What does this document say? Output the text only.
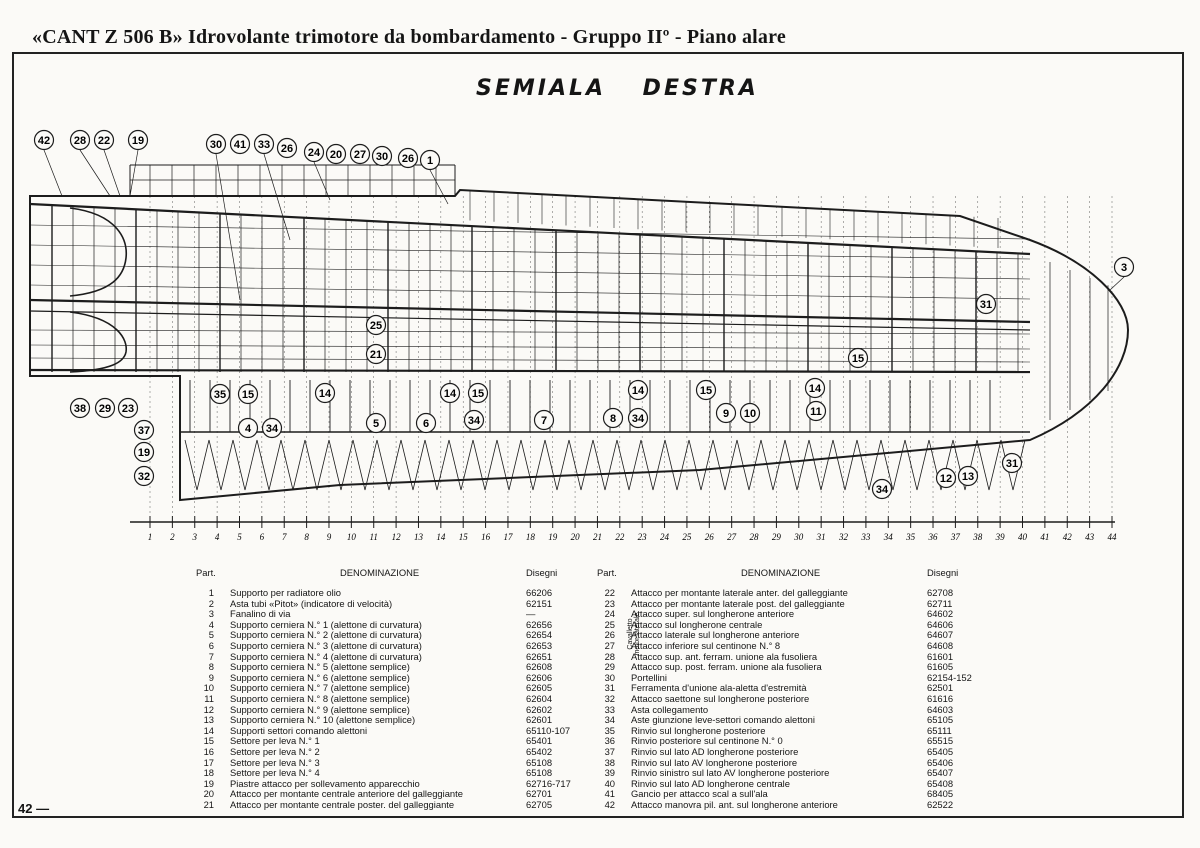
«CANT Z 506 B» Idrovolante trimotore da bombardamento - Gruppo IIº - Piano alare
SEMIALA DESTRA
1 2 3 4 5 6 7 8 9 10 11 12 13 14 15 16 17 18 19 20 21 22 23 24 25 26 27 28 29 30 31 32 33 34 35 36 37 38 39 40 41 42 43 44
42 28 22 19	30 41 33 26 24 20 27 30 26 1
3
31
25
21
14
38 29 23
37
19
32
35 15	14 15	14	15	14
15
4 34	5	6	34	7	8 34	9 10	11
12 13
31
34
Part.	DENOMINAZIONE	Disegni
1 Supporto per radiatore olio	66206
2 Asta tubi «Pitot» (indicatore di velocità)	62151
3 Fanalino di via	—
4 Supporto cerniera N.° 1 (alettone di curvatura)	62656
5 Supporto cerniera N.° 2 (alettone di curvatura)	62654
6 Supporto cerniera N.° 3 (alettone di curvatura)	62653
7 Supporto cerniera N.° 4 (alettone di curvatura)	62651
8 Supporto cerniera N.° 5 (alettone semplice)	62608
9 Supporto cerniera N.° 6 (alettone semplice)	62606
10 Supporto cerniera N.° 7 (alettone semplice)	62605
11 Supporto cerniera N.° 8 (alettone semplice)	62604
12 Supporto cerniera N.° 9 (alettone semplice)	62602
13 Supporto cerniera N.° 10 (alettone semplice)	62601
14 Supporti settori comando alettoni	65110-107
15 Settore per leva N.° 1	65401
16 Settore per leva N.° 2	65402
17 Settore per leva N.° 3	65108
18 Settore per leva N.° 4	65108
19 Piastre attacco per sollevamento apparecchio	62716-717
20 Attacco per montante centrale anteriore del galleggiante	62701
21 Attacco per montante centrale poster. del galleggiante	62705
Part.	DENOMINAZIONE	Disegni
22 Attacco per montante laterale anter. del galleggiante	62708
23 Attacco per montante laterale post. del galleggiante	62711
24 Attacco super. sul longherone anteriore	64602
25 Attacco sul longherone centrale	64606
26 Attacco laterale sul longherone anteriore	64607
27 Attacco inferiore sul centinone N.° 8	64608
28 Attacco sup. ant. ferram. unione ala fusoliera	61601
29 Attacco sup. post. ferram. unione ala fusoliera	61605
30 Portellini	62154-152
31 Ferramenta d'unione ala-aletta d'estremità	62501
32 Attacco saettone sul longherone posteriore	61616
33 Asta collegamento	64603
34 Aste giunzione leve-settori comando alettoni	65105
35 Rinvio sul longherone posteriore	65111
36 Rinvio posteriore sul centinone N.° 0	65515
37 Rinvio sul lato AD longherone posteriore	65405
38 Rinvio sul lato AV longherone posteriore	65406
39 Rinvio sinistro sul lato AV longherone posteriore	65407
40 Rinvio sul lato AD longherone centrale	65408
41 Gancio per attacco scal a sull'ala	68405
42 Attacco manovra pil. ant. sul longherone anteriore	62522
Cavalletto motor laterale
42 —
